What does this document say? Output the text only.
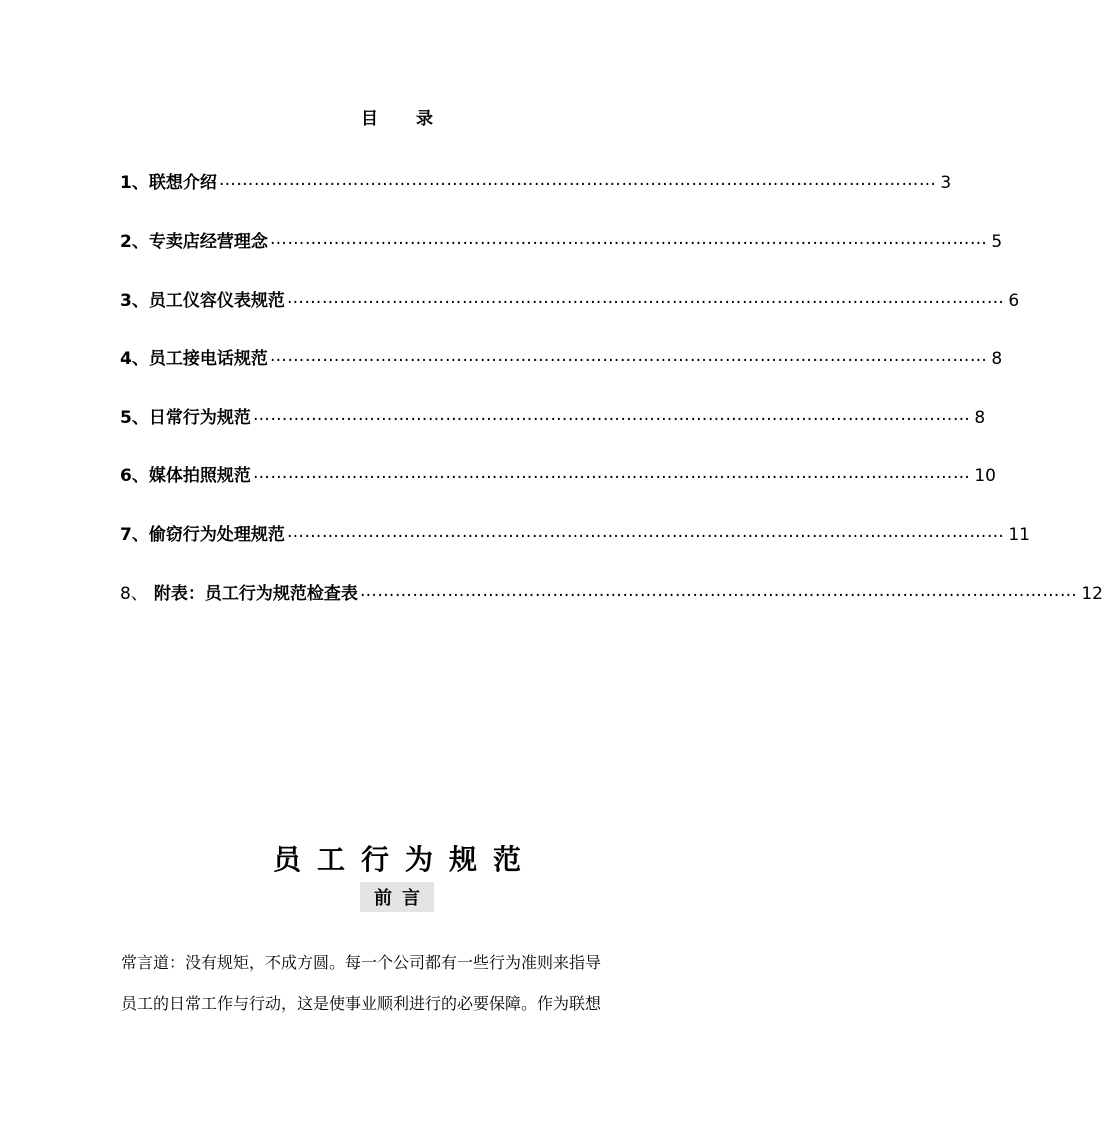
目 录
1、 联想介绍 …………………………………………………………………………………………………………… 3
2、 专卖店经营理念 …………………………………………………………………………………………………………… 5
3、 员工仪容仪表规范 …………………………………………………………………………………………………………… 6
4、 员工接电话规范 …………………………………………………………………………………………………………… 8
5、 日常行为规范 …………………………………………………………………………………………………………… 8
6、 媒体拍照规范 …………………………………………………………………………………………………………… 10
7、 偷窃行为处理规范 …………………………………………………………………………………………………………… 11
8、 附表：员工行为规范检查表 …………………………………………………………………………………………………………… 12
员工行为规范
前言
常言道：没有规矩，不成方圆。每一个公司都有一些行为准则来指导
员工的日常工作与行动，这是使事业顺利进行的必要保障。作为联想
